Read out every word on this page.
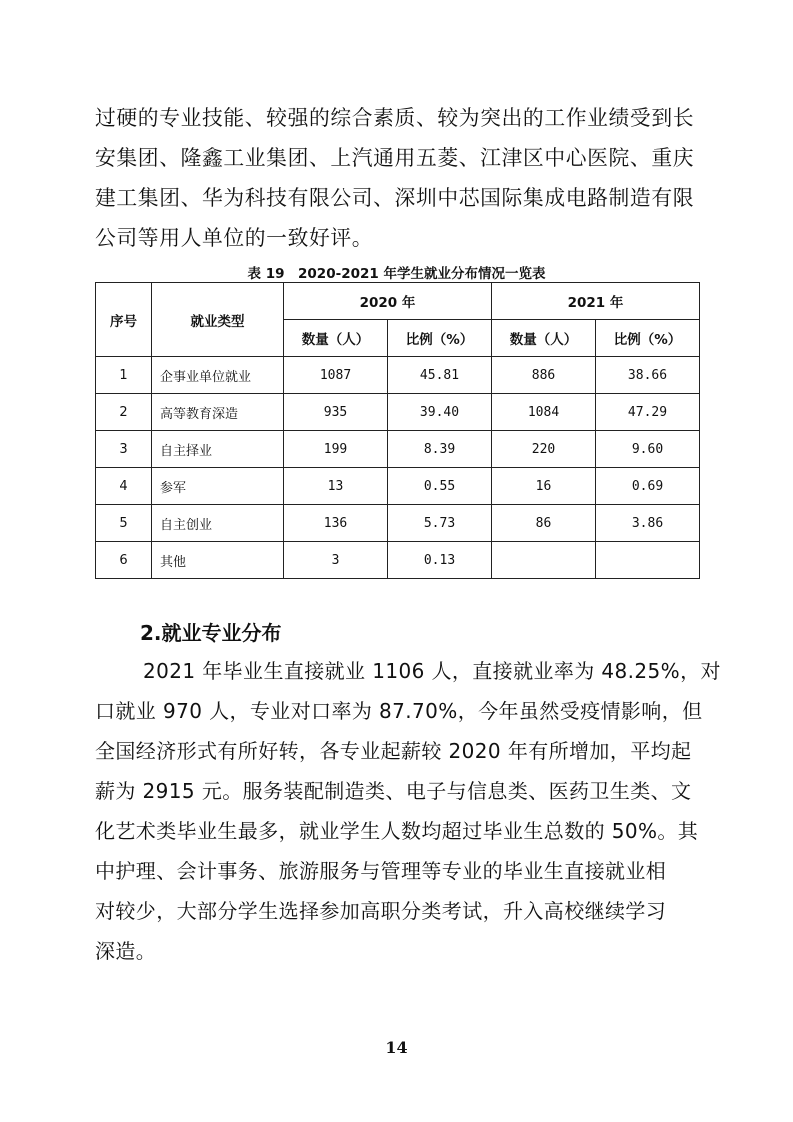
过硬的专业技能、较强的综合素质、较为突出的工作业绩受到长
安集团、隆鑫工业集团、上汽通用五菱、江津区中心医院、重庆
建工集团、华为科技有限公司、深圳中芯国际集成电路制造有限
公司等用人单位的一致好评。
表 19　2020-2021 年学生就业分布情况一览表
序号	就业类型	2020 年		2021 年	
		数量（人）	比例（%）	数量（人）	比例（%）
1	企事业单位就业	1087	45.81	886	38.66
2	高等教育深造	935	39.40	1084	47.29
3	自主择业	199	8.39	220	9.60
4	参军	13	0.55	16	0.69
5	自主创业	136	5.73	86	3.86
6	其他	3	0.13		
2.就业专业分布
2021 年毕业生直接就业 1106 人，直接就业率为 48.25%，对
口就业 970 人，专业对口率为 87.70%，今年虽然受疫情影响，但
全国经济形式有所好转，各专业起薪较 2020 年有所增加，平均起
薪为 2915 元。服务装配制造类、电子与信息类、医药卫生类、文
化艺术类毕业生最多，就业学生人数均超过毕业生总数的 50%。其
中护理、会计事务、旅游服务与管理等专业的毕业生直接就业相
对较少，大部分学生选择参加高职分类考试，升入高校继续学习
深造。
14
